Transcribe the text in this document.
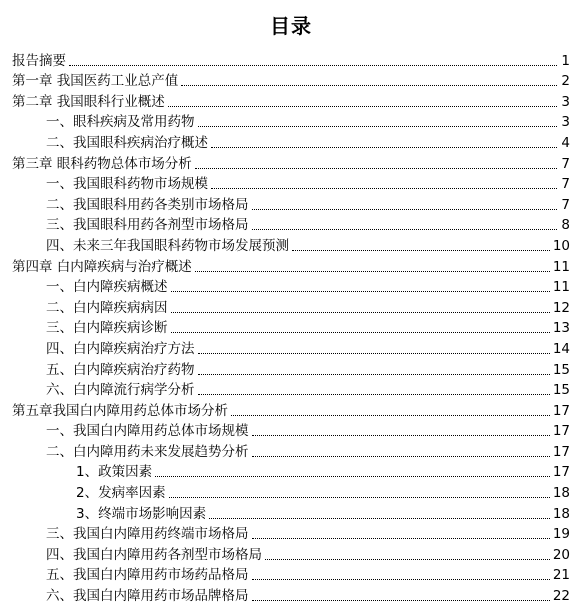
目录
报告摘要	1
第一章 我国医药工业总产值	2
第二章 我国眼科行业概述	3
一、眼科疾病及常用药物	3
二、我国眼科疾病治疗概述	4
第三章 眼科药物总体市场分析	7
一、我国眼科药物市场规模	7
二、我国眼科用药各类别市场格局	7
三、我国眼科用药各剂型市场格局	8
四、未来三年我国眼科药物市场发展预测	10
第四章 白内障疾病与治疗概述	11
一、白内障疾病概述	11
二、白内障疾病病因	12
三、白内障疾病诊断	13
四、白内障疾病治疗方法	14
五、白内障疾病治疗药物	15
六、白内障流行病学分析	15
第五章我国白内障用药总体市场分析	17
一、我国白内障用药总体市场规模	17
二、白内障用药未来发展趋势分析	17
1、政策因素	17
2、发病率因素	18
3、终端市场影响因素	18
三、我国白内障用药终端市场格局	19
四、我国白内障用药各剂型市场格局	20
五、我国白内障用药市场药品格局	21
六、我国白内障用药市场品牌格局	22
